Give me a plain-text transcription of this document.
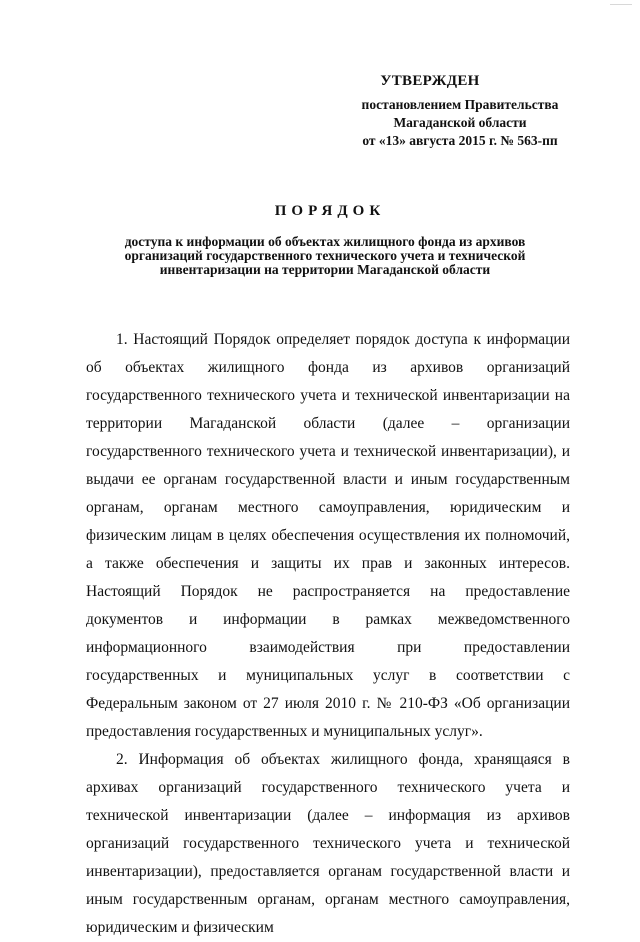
УТВЕРЖДЕН
постановлением Правительства
Магаданской области
от «13» августа 2015 г. № 563-пп
ПОРЯДОК
доступа к информации об объектах жилищного фонда из архивов организаций государственного технического учета и технической инвентаризации на территории Магаданской области

1. Настоящий Порядок определяет порядок доступа к информации об объектах жилищного фонда из архивов организаций государственного технического учета и технической инвентаризации на территории Магаданской области (далее – организации государственного технического учета и технической инвентаризации), и выдачи ее органам государственной власти и иным государственным органам, органам местного самоуправления, юридическим и физическим лицам в целях обеспечения осуществления их полномочий, а также обеспечения и защиты их прав и законных интересов. Настоящий Порядок не распространяется на предоставление документов и информации в рамках межведомственного информационного взаимодействия при предоставлении государственных и муниципальных услуг в соответствии с Федеральным законом от 27 июля 2010 г. № 210-ФЗ «Об организации предоставления государственных и муниципальных услуг».

2. Информация об объектах жилищного фонда, хранящаяся в архивах организаций государственного технического учета и технической инвентаризации (далее – информация из архивов организаций государственного технического учета и технической инвентаризации), предоставляется органам государственной власти и иным государственным органам, органам местного самоуправления, юридическим и физическим
